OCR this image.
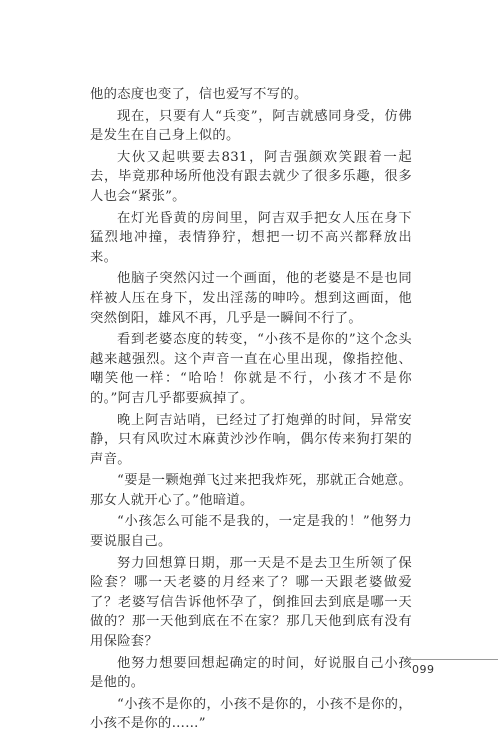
他的态度也变了，信也爱写不写的。

现在，只要有人“兵变”，阿吉就感同身受，仿佛是发生在自己身上似的。

大伙又起哄要去831，阿吉强颜欢笑跟着一起去，毕竟那种场所他没有跟去就少了很多乐趣，很多人也会“紧张”。

在灯光昏黄的房间里，阿吉双手把女人压在身下猛烈地冲撞，表情狰狞，想把一切不高兴都释放出来。

他脑子突然闪过一个画面，他的老婆是不是也同样被人压在身下，发出淫荡的呻吟。想到这画面，他突然倒阳，雄风不再，几乎是一瞬间不行了。

看到老婆态度的转变，“小孩不是你的”这个念头越来越强烈。这个声音一直在心里出现，像指控他、嘲笑他一样：“哈哈！你就是不行，小孩才不是你的。”阿吉几乎都要疯掉了。

晚上阿吉站哨，已经过了打炮弹的时间，异常安静，只有风吹过木麻黄沙沙作响，偶尔传来狗打架的声音。

“要是一颗炮弹飞过来把我炸死，那就正合她意。那女人就开心了。”他暗道。

“小孩怎么可能不是我的，一定是我的！”他努力要说服自己。

努力回想算日期，那一天是不是去卫生所领了保险套？哪一天老婆的月经来了？哪一天跟老婆做爱了？老婆写信告诉他怀孕了，倒推回去到底是哪一天做的？那一天他到底在不在家？那几天他到底有没有用保险套？

他努力想要回想起确定的时间，好说服自己小孩是他的。

“小孩不是你的，小孩不是你的，小孩不是你的，小孩不是你的……”

099
